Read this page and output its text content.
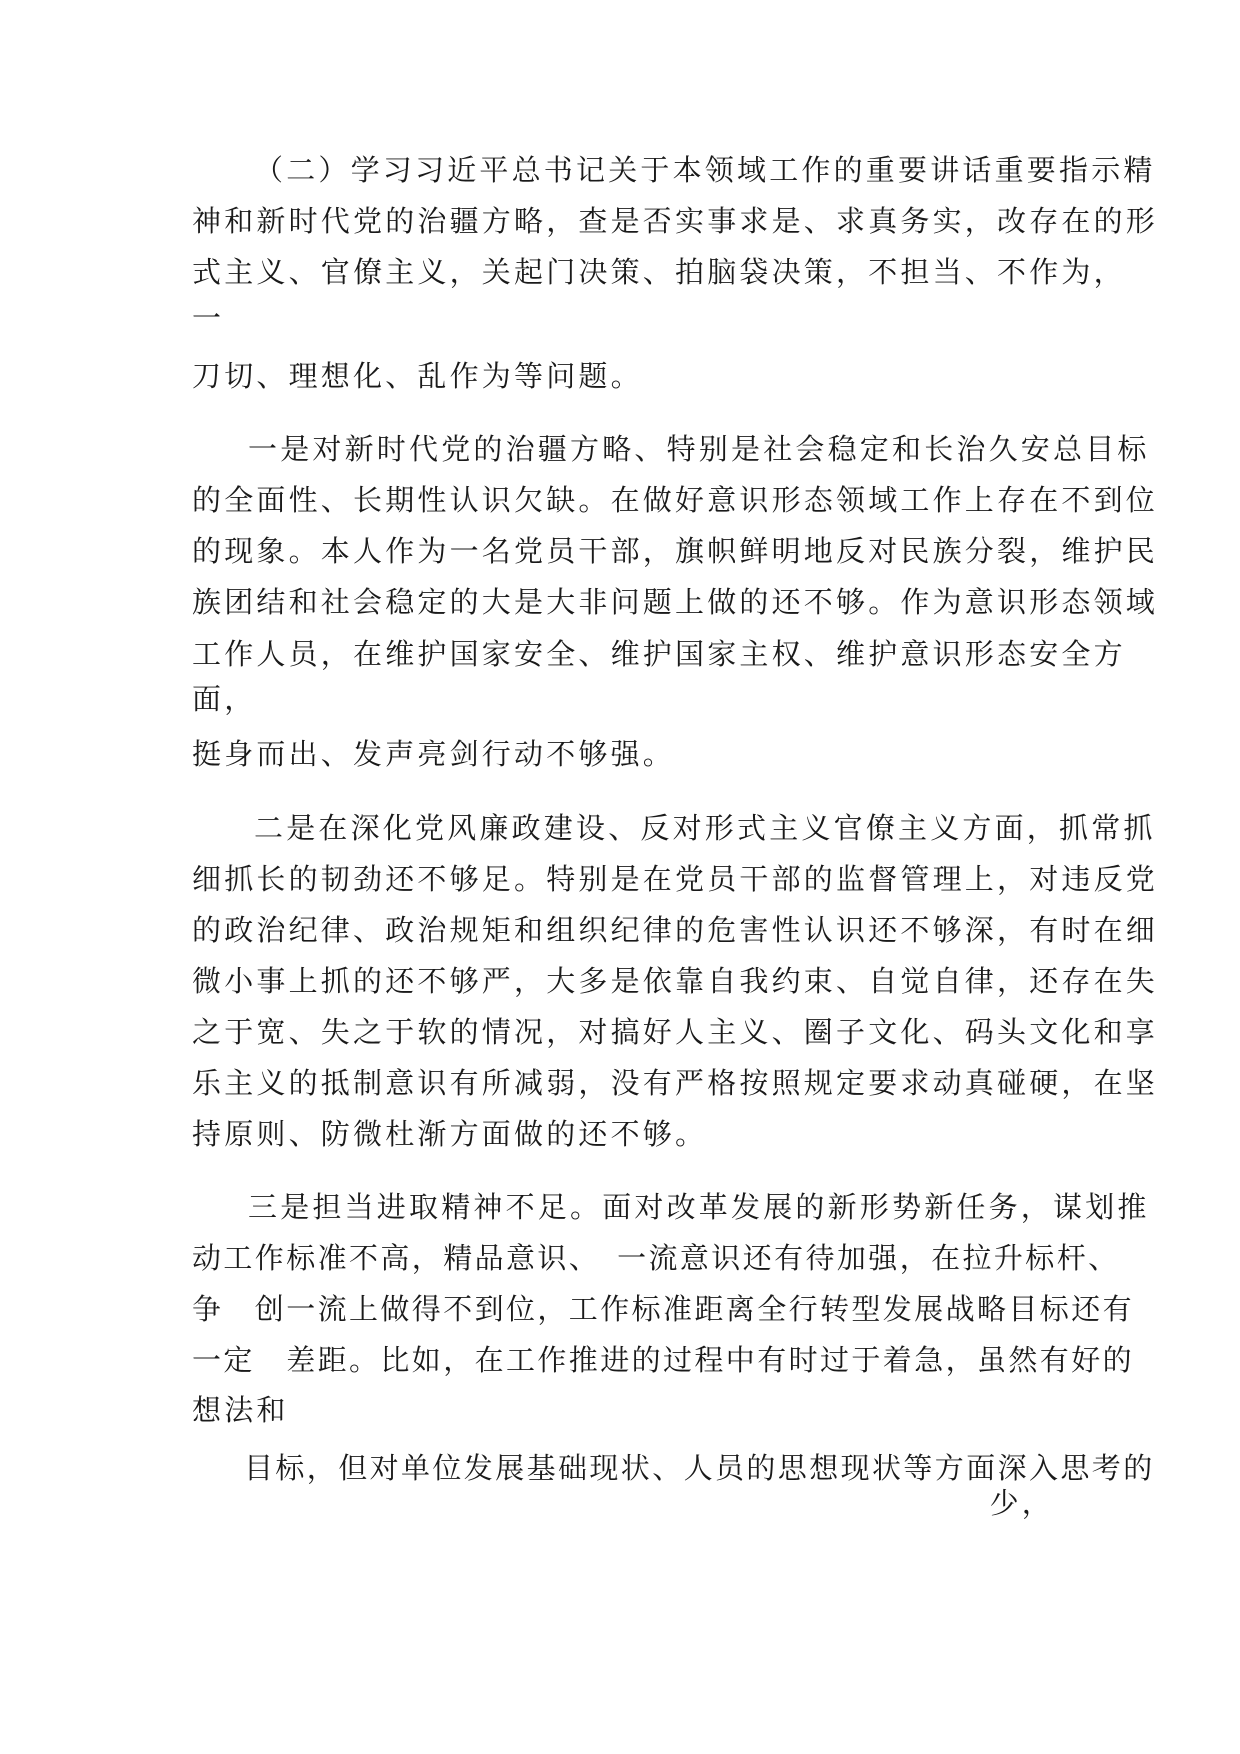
（二）学习习近平总书记关于本领域工作的重要讲话重要指示精
神和新时代党的治疆方略，查是否实事求是、求真务实，改存在的形
式主义、官僚主义，关起门决策、拍脑袋决策，不担当、不作为，
一
刀切、理想化、乱作为等问题。
一是对新时代党的治疆方略、特别是社会稳定和长治久安总目标
的全面性、长期性认识欠缺。在做好意识形态领域工作上存在不到位
的现象。本人作为一名党员干部，旗帜鲜明地反对民族分裂，维护民
族团结和社会稳定的大是大非问题上做的还不够。作为意识形态领域
工作人员，在维护国家安全、维护国家主权、维护意识形态安全方
面，
挺身而出、发声亮剑行动不够强。
二是在深化党风廉政建设、反对形式主义官僚主义方面，抓常抓
细抓长的韧劲还不够足。特别是在党员干部的监督管理上，对违反党
的政治纪律、政治规矩和组织纪律的危害性认识还不够深，有时在细
微小事上抓的还不够严，大多是依靠自我约束、自觉自律，还存在失
之于宽、失之于软的情况，对搞好人主义、圈子文化、码头文化和享
乐主义的抵制意识有所减弱，没有严格按照规定要求动真碰硬，在坚
持原则、防微杜渐方面做的还不够。
三是担当进取精神不足。面对改革发展的新形势新任务，谋划推
动工作标准不高，精品意识、　一流意识还有待加强，在拉升标杆、
争　创一流上做得不到位，工作标准距离全行转型发展战略目标还有
一定　差距。比如，在工作推进的过程中有时过于着急，虽然有好的
想法和
目标，但对单位发展基础现状、人员的思想现状等方面深入思考的
少，
